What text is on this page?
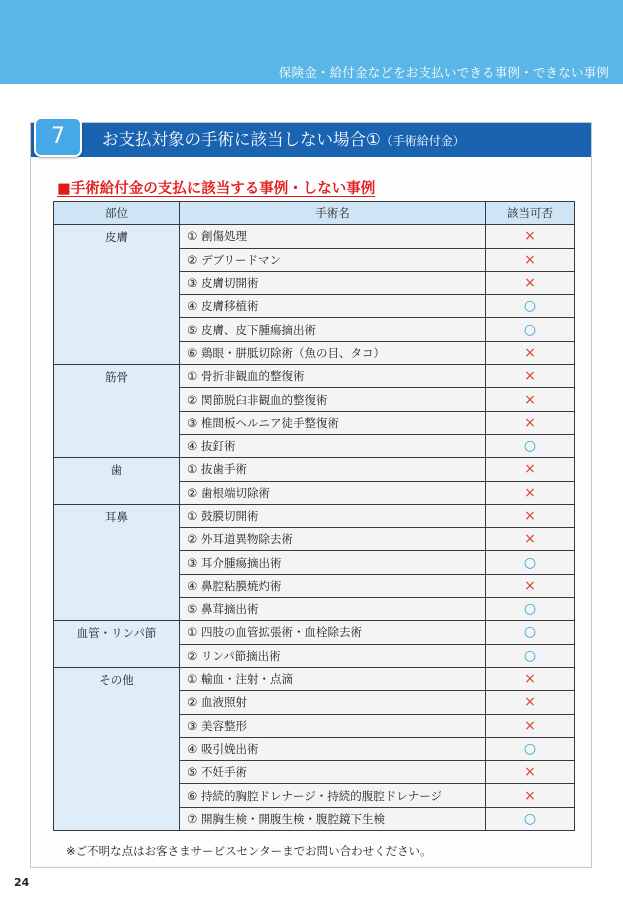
保険金・給付金などをお支払いできる事例・できない事例
7	お支払対象の手術に該当しない場合①（手術給付金）
■手術給付金の支払に該当する事例・しない事例
部位	手術名	該当可否
皮膚	① 創傷処理	×
	② デブリードマン	×
	③ 皮膚切開術	×
	④ 皮膚移植術	○
	⑤ 皮膚、皮下腫瘍摘出術	○
	⑥ 鶏眼・胼胝切除術（魚の目、タコ）	×
筋骨	① 骨折非観血的整復術	×
	② 関節脱臼非観血的整復術	×
	③ 椎間板ヘルニア徒手整復術	×
	④ 抜釘術	○
歯	① 抜歯手術	×
	② 歯根端切除術	×
耳鼻	① 鼓膜切開術	×
	② 外耳道異物除去術	×
	③ 耳介腫瘍摘出術	○
	④ 鼻腔粘膜焼灼術	×
	⑤ 鼻茸摘出術	○
血管・リンパ節	① 四肢の血管拡張術・血栓除去術	○
	② リンパ節摘出術	○
その他	① 輸血・注射・点滴	×
	② 血液照射	×
	③ 美容整形	×
	④ 吸引娩出術	○
	⑤ 不妊手術	×
	⑥ 持続的胸腔ドレナージ・持続的腹腔ドレナージ	×
	⑦ 開胸生検・開腹生検・腹腔鏡下生検	○
※ご不明な点はお客さまサービスセンターまでお問い合わせください。
24
